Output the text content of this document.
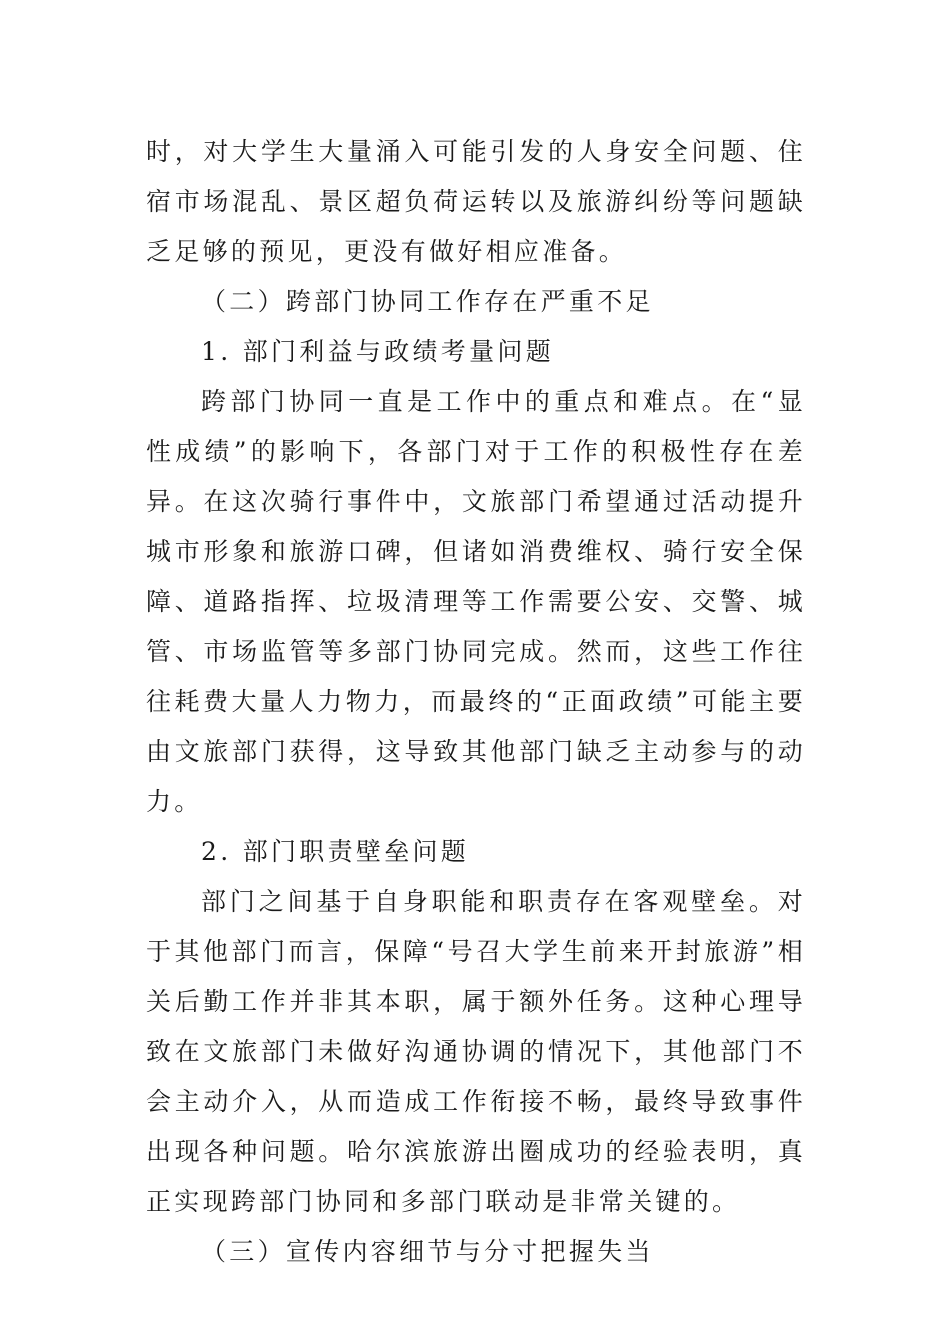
时，对大学生大量涌入可能引发的人身安全问题、住宿市场混乱、景区超负荷运转以及旅游纠纷等问题缺乏足够的预见，更没有做好相应准备。

（二）跨部门协同工作存在严重不足

1. 部门利益与政绩考量问题

跨部门协同一直是工作中的重点和难点。在“显性成绩”的影响下，各部门对于工作的积极性存在差异。在这次骑行事件中，文旅部门希望通过活动提升城市形象和旅游口碑，但诸如消费维权、骑行安全保障、道路指挥、垃圾清理等工作需要公安、交警、城管、市场监管等多部门协同完成。然而，这些工作往往耗费大量人力物力，而最终的“正面政绩”可能主要由文旅部门获得，这导致其他部门缺乏主动参与的动力。

2. 部门职责壁垒问题

部门之间基于自身职能和职责存在客观壁垒。对于其他部门而言，保障“号召大学生前来开封旅游”相关后勤工作并非其本职，属于额外任务。这种心理导致在文旅部门未做好沟通协调的情况下，其他部门不会主动介入，从而造成工作衔接不畅，最终导致事件出现各种问题。哈尔滨旅游出圈成功的经验表明，真正实现跨部门协同和多部门联动是非常关键的。

（三）宣传内容细节与分寸把握失当
